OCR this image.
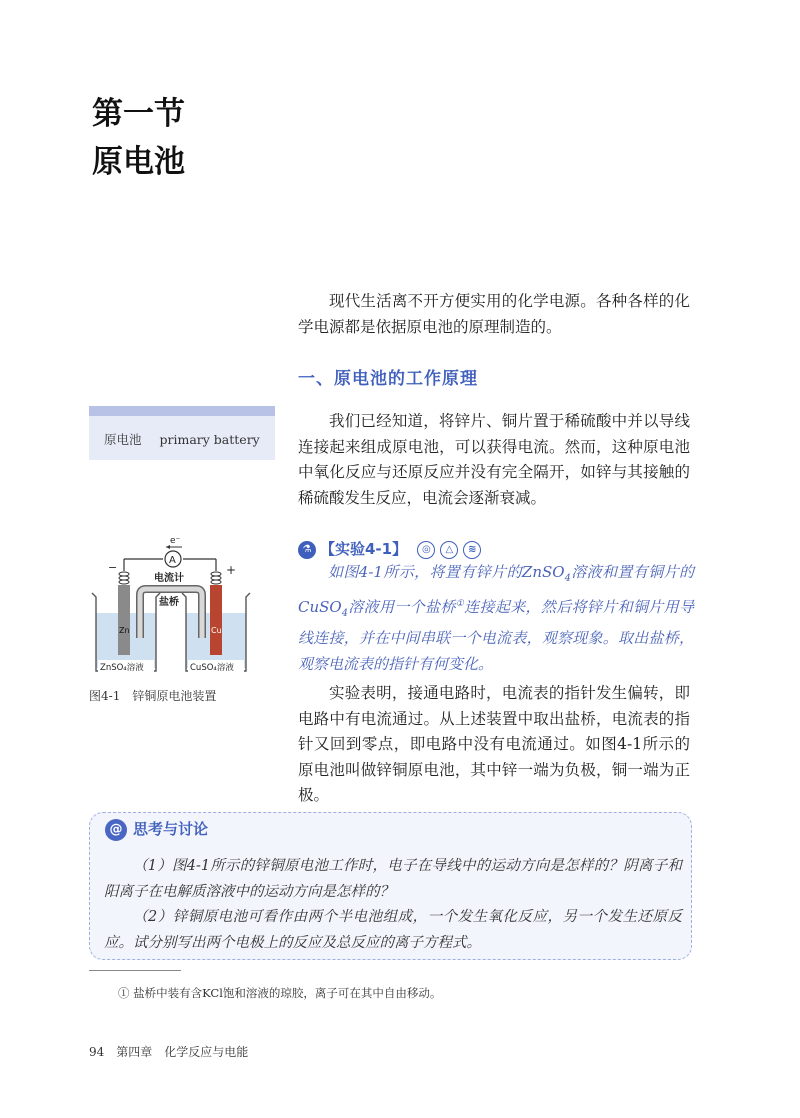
第一节
原电池
现代生活离不开方便实用的化学电源。各种各样的化学电源都是依据原电池的原理制造的。
一、原电池的工作原理
原电池 primary battery
我们已经知道，将锌片、铜片置于稀硫酸中并以导线连接起来组成原电池，可以获得电流。然而，这种原电池中氧化反应与还原反应并没有完全隔开，如锌与其接触的稀硫酸发生反应，电流会逐渐衰减。
⚗ 【实验4-1】 ◎ △ ≋
如图4-1所示，将置有锌片的ZnSO$_4$溶液和置有铜片的CuSO$_4$溶液用一个盐桥①连接起来，然后将锌片和铜片用导线连接，并在中间串联一个电流表，观察现象。取出盐桥，观察电流表的指针有何变化。
e⁻
A
电流计
−	+
Zn	Cu
盐桥
ZnSO₄溶液	CuSO₄溶液
图4-1　锌铜原电池装置	实验表明，接通电路时，电流表的指针发生偏转，即电路中有电流通过。从上述装置中取出盐桥，电流表的指针又回到零点，即电路中没有电流通过。如图4-1所示的原电池叫做锌铜原电池，其中锌一端为负极，铜一端为正极。
@ 思考与讨论

（1）图4-1所示的锌铜原电池工作时，电子在导线中的运动方向是怎样的？阴离子和阳离子在电解质溶液中的运动方向是怎样的？

（2）锌铜原电池可看作由两个半电池组成，一个发生氧化反应，另一个发生还原反应。试分别写出两个电极上的反应及总反应的离子方程式。

① 盐桥中装有含KCl饱和溶液的琼胶，离子可在其中自由移动。
94 第四章 化学反应与电能
